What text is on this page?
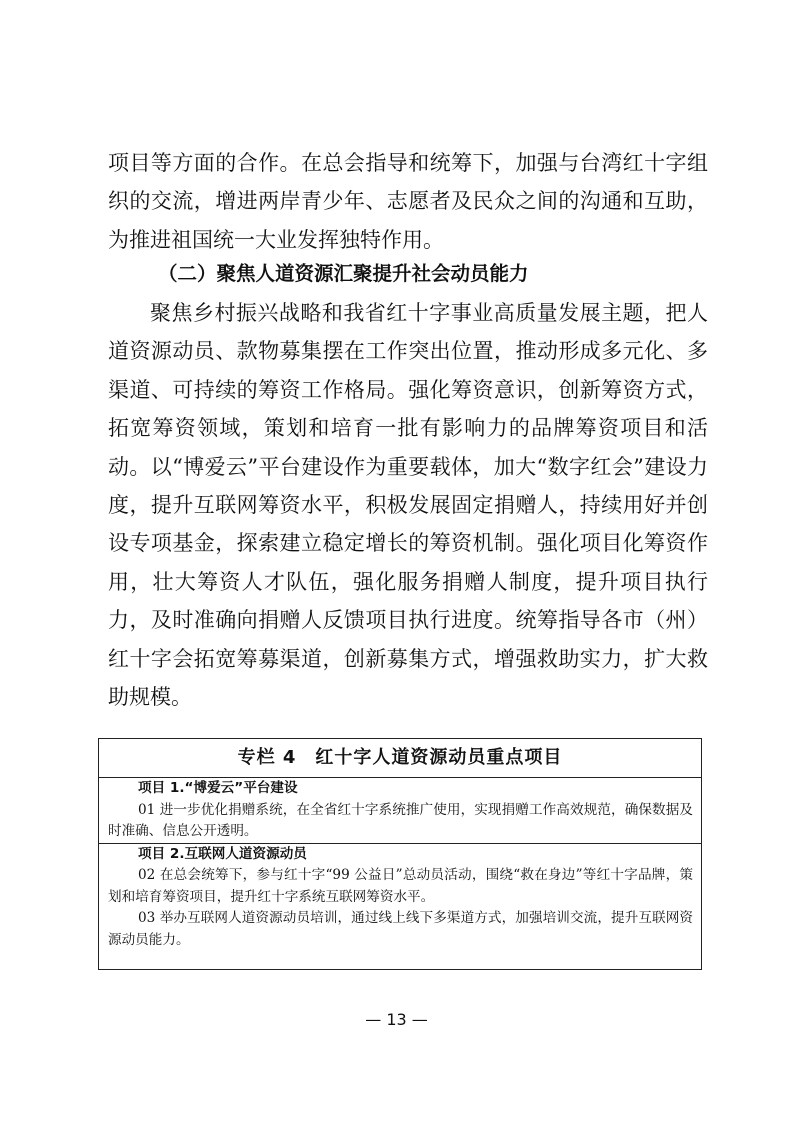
项目等方面的合作。在总会指导和统筹下，加强与台湾红十字组织的交流，增进两岸青少年、志愿者及民众之间的沟通和互助，为推进祖国统一大业发挥独特作用。

（二）聚焦人道资源汇聚提升社会动员能力

聚焦乡村振兴战略和我省红十字事业高质量发展主题，把人道资源动员、款物募集摆在工作突出位置，推动形成多元化、多渠道、可持续的筹资工作格局。强化筹资意识，创新筹资方式，拓宽筹资领域，策划和培育一批有影响力的品牌筹资项目和活动。以“博爱云”平台建设作为重要载体，加大“数字红会”建设力度，提升互联网筹资水平，积极发展固定捐赠人，持续用好并创设专项基金，探索建立稳定增长的筹资机制。强化项目化筹资作用，壮大筹资人才队伍，强化服务捐赠人制度，提升项目执行力，及时准确向捐赠人反馈项目执行进度。统筹指导各市（州）红十字会拓宽筹募渠道，创新募集方式，增强救助实力，扩大救助规模。

专栏 4　红十字人道资源动员重点项目
项目 1.“博爱云”平台建设

01 进一步优化捐赠系统，在全省红十字系统推广使用，实现捐赠工作高效规范，确保数据及时准确、信息公开透明。

项目 2.互联网人道资源动员

02 在总会统筹下，参与红十字“99 公益日”总动员活动，围绕“救在身边”等红十字品牌，策划和培育筹资项目，提升红十字系统互联网筹资水平。

03 举办互联网人道资源动员培训，通过线上线下多渠道方式，加强培训交流，提升互联网资源动员能力。

— 13 —
